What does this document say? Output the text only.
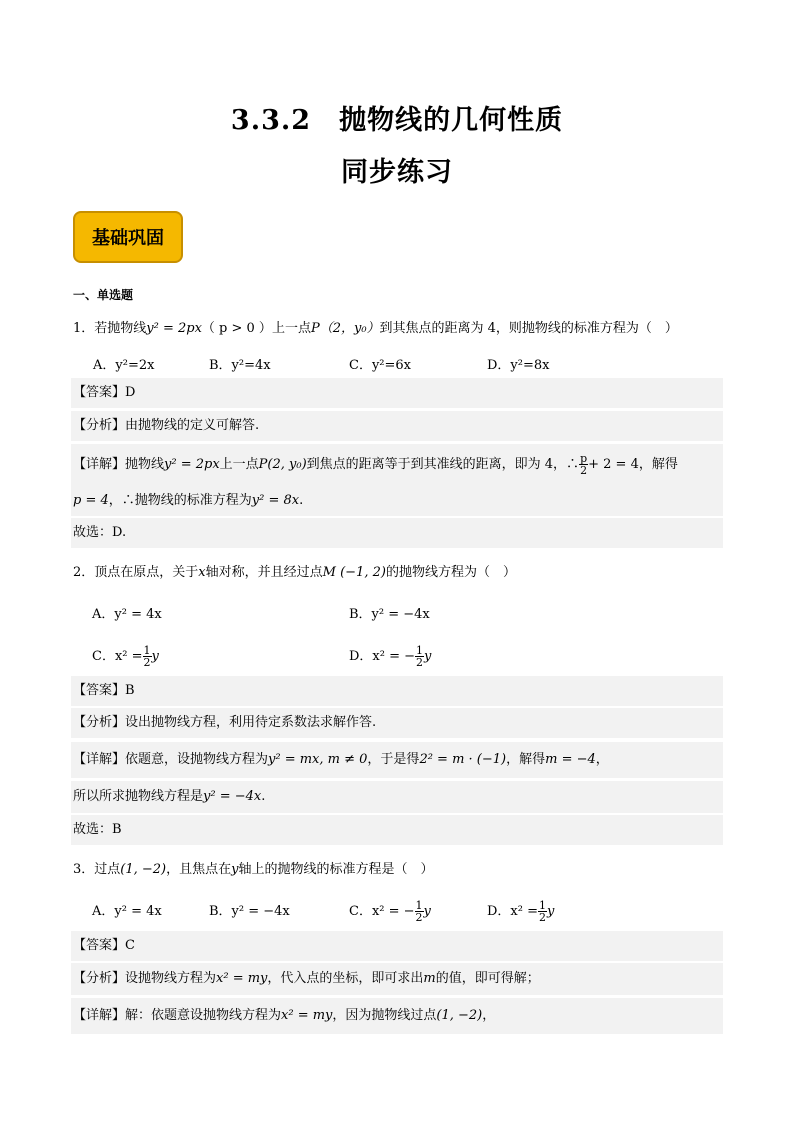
3.3.2　抛物线的几何性质
同步练习
基础巩固
一、单选题
1．若抛物线y² = 2px（ p > 0 ）上一点P（2，y₀）到其焦点的距离为 4，则抛物线的标准方程为（　）
A．y²=2x	B．y²=4x	C．y²=6x	D．y²=8x
【答案】D
【分析】由抛物线的定义可解答.
【详解】抛物线y² = 2px上一点P(2, y₀)到焦点的距离等于到其准线的距离，即为 4，∴ $\frac{p}{2} + 2 = 4$，解得
p = 4，∴抛物线的标准方程为y² = 8x.
故选：D.
2．顶点在原点，关于x轴对称，并且经过点M (−1, 2)的抛物线方程为（　）
A．y² = 4x	B．y² = −4x
C．$x^2 = \frac{1}{2}$ y	D．x² = − $\frac{1}{2}$ y
【答案】B
【分析】设出抛物线方程，利用待定系数法求解作答.
【详解】依题意，设抛物线方程为y² = mx, m ≠ 0，于是得2² = m · (−1)，解得m = −4，
所以所求抛物线方程是y² = −4x.
故选：B
3．过点(1, −2)，且焦点在y轴上的抛物线的标准方程是（　）
A．y² = 4x	B．y² = −4x	C．x² = − $\frac{1}{2}$ y	D．$x^2 = \frac{1}{2}$ y
【答案】C
【分析】设抛物线方程为x² = my，代入点的坐标，即可求出m的值，即可得解；
【详解】解：依题意设抛物线方程为x² = my，因为抛物线过点(1, −2)，
